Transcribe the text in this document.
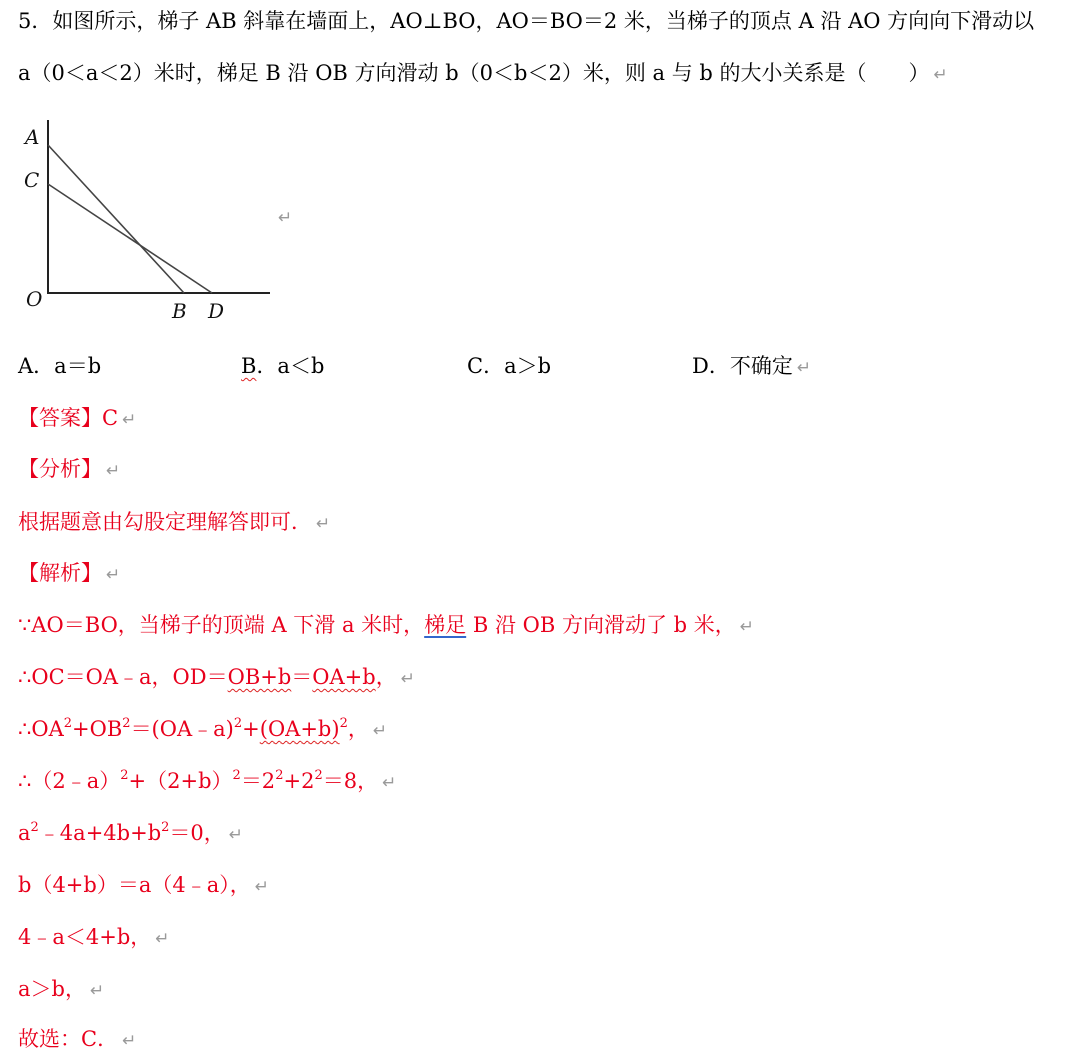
5．如图所示，梯子 AB 斜靠在墙面上，AO⊥BO，AO＝BO＝2 米，当梯子的顶点 A 沿 AO 方向向下滑动以
a（0＜a＜2）米时，梯足 B 沿 OB 方向滑动 b（0＜b＜2）米，则 a 与 b 的大小关系是（　　） ↵
A
C
O	B D
↵
A．a＝b	B．a＜b	C．a＞b	D．不确定 ↵
【答案】C ↵
【分析】 ↵
根据题意由勾股定理解答即可． ↵
【解析】 ↵
∵AO＝BO，当梯子的顶端 A 下滑 a 米时，梯足 B 沿 OB 方向滑动了 b 米， ↵
∴OC＝OA﹣a，OD＝OB+b＝OA+b， ↵
$\therefore OA^2+OB^2=(OA﹣a)^2+(OA+b)^2$， ↵
$\therefore(2﹣a)^2+(2+b)^2=2^2+2^2=8$， ↵
$a^2﹣4a+4b+b^2=0$， ↵
b（4+b）＝a（4﹣a）， ↵
4﹣a＜4+b， ↵
a＞b， ↵
故选：C． ↵
